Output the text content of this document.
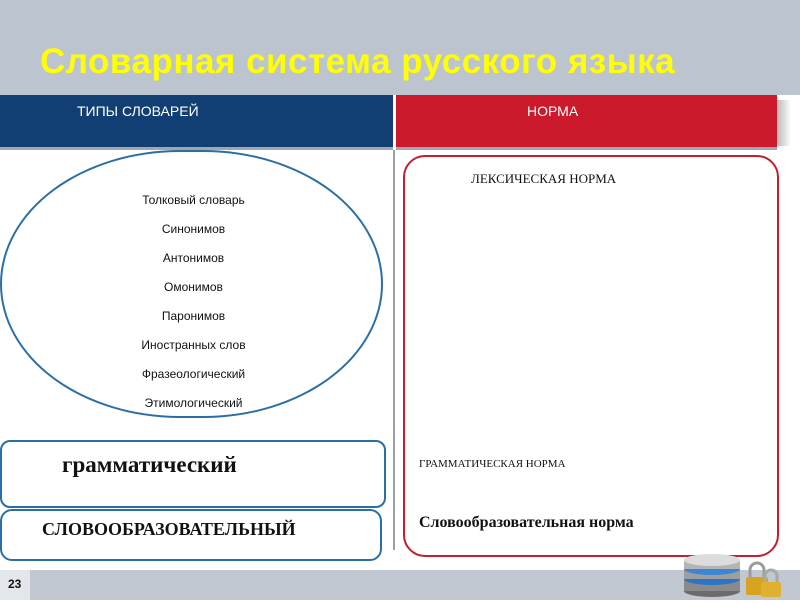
Словарная система русского языка
ТИПЫ СЛОВАРЕЙ	НОРМА
Толковый словарь
Синонимов
Антонимов
Омонимов
Паронимов
Иностранных слов
Фразеологический
Этимологический
грамматический
СЛОВООБРАЗОВАТЕЛЬНЫЙ
ЛЕКСИЧЕСКАЯ НОРМА
ГРАММАТИЧЕСКАЯ НОРМА
Словообразовательная норма
23
